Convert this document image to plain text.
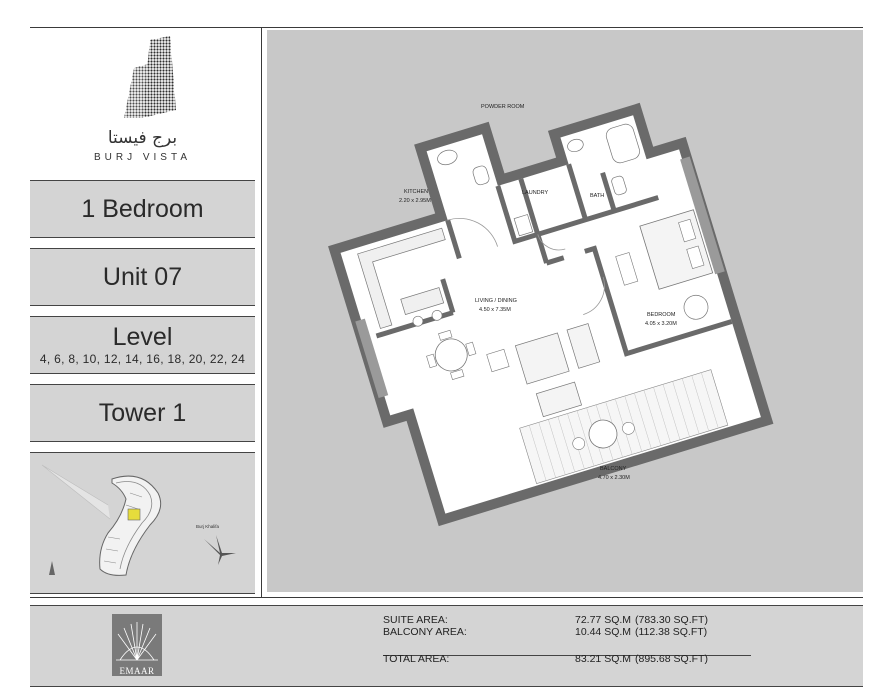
برج فيستا
BURJ VISTA
1 Bedroom
Unit 07
Level
4, 6, 8, 10, 12, 14, 16, 18, 20, 22, 24
Tower 1
Burj Khalifa
POWDER ROOM
KITCHEN
2.20 x 2.95M
LAUNDRY	BATH
LIVING / DINING
4.50 x 7.35M
BEDROOM
4.05 x 3.20M
BALCONY
4.70 x 2.30M
EMAAR
SUITE AREA:	72.77 SQ.M (783.30 SQ.FT)
BALCONY AREA:	10.44 SQ.M (112.38 SQ.FT)
TOTAL AREA:	83.21 SQ.M (895.68 SQ.FT)
